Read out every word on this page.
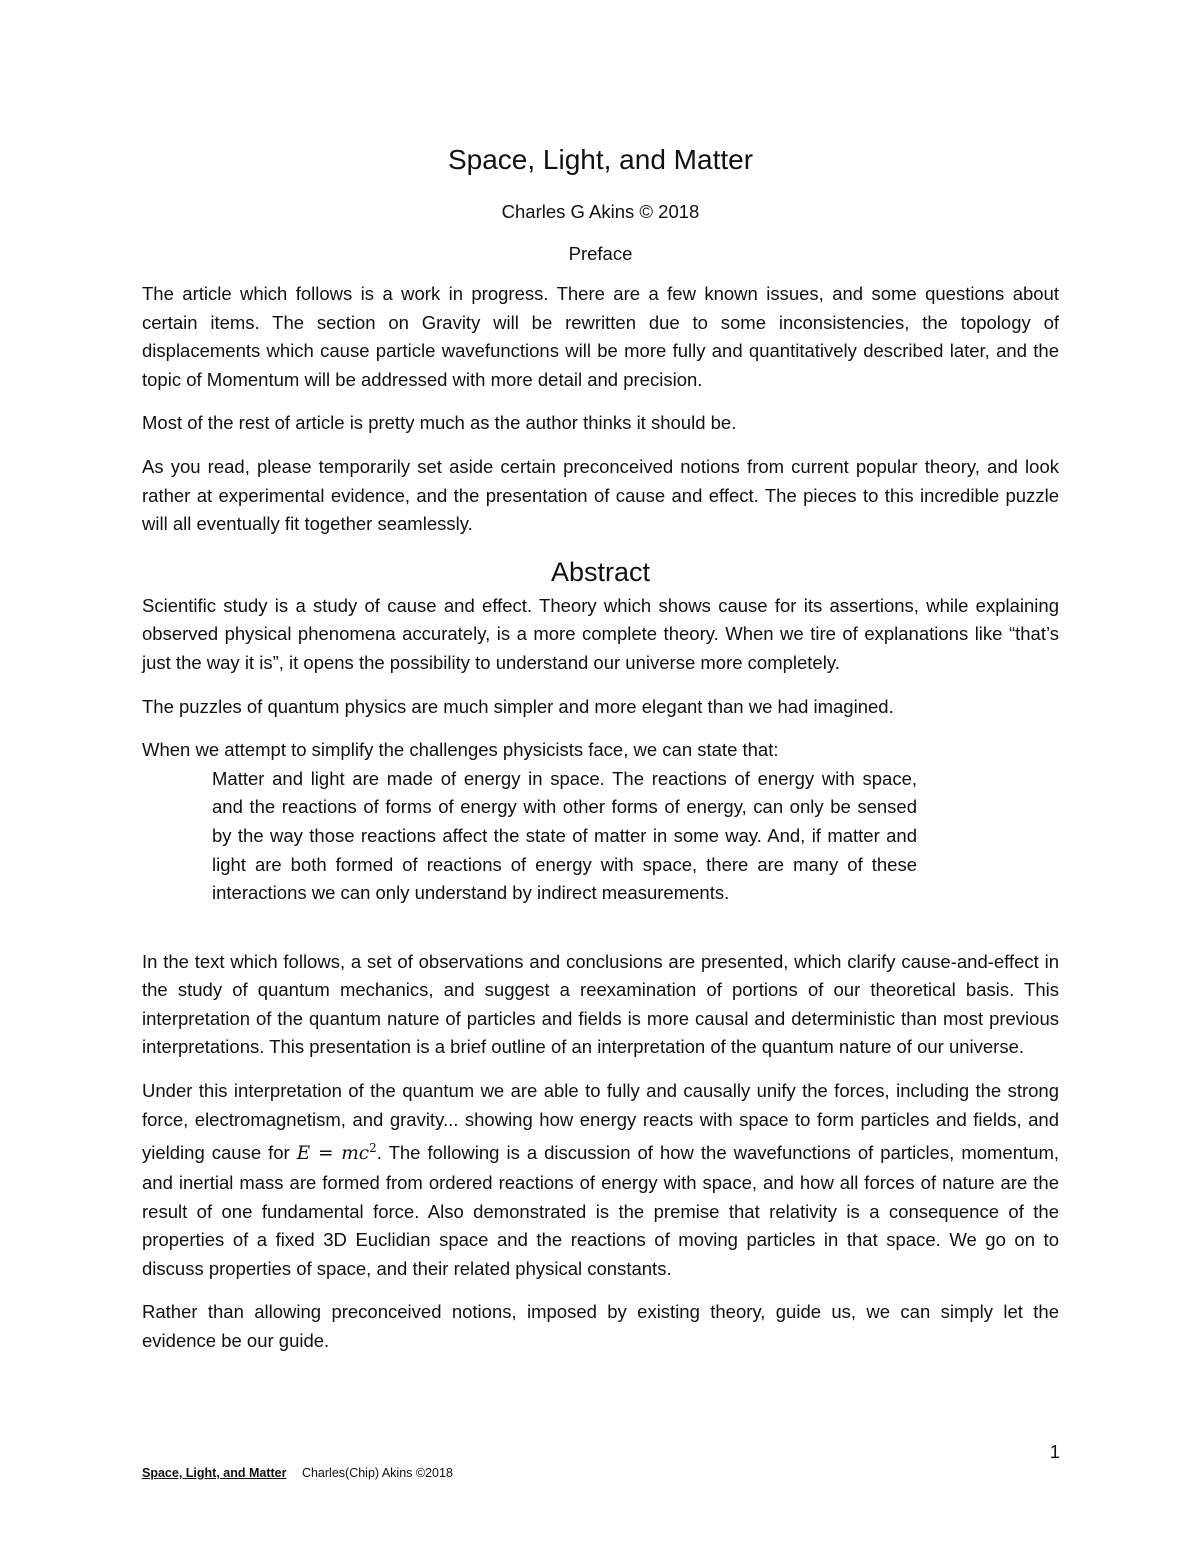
Space, Light, and Matter
Charles G Akins © 2018
Preface

The article which follows is a work in progress. There are a few known issues, and some questions about certain items. The section on Gravity will be rewritten due to some inconsistencies, the topology of displacements which cause particle wavefunctions will be more fully and quantitatively described later, and the topic of Momentum will be addressed with more detail and precision.

Most of the rest of article is pretty much as the author thinks it should be.

As you read, please temporarily set aside certain preconceived notions from current popular theory, and look rather at experimental evidence, and the presentation of cause and effect. The pieces to this incredible puzzle will all eventually fit together seamlessly.

Abstract

Scientific study is a study of cause and effect. Theory which shows cause for its assertions, while explaining observed physical phenomena accurately, is a more complete theory. When we tire of explanations like “that’s just the way it is”, it opens the possibility to understand our universe more completely.

The puzzles of quantum physics are much simpler and more elegant than we had imagined.

When we attempt to simplify the challenges physicists face, we can state that:

Matter and light are made of energy in space. The reactions of energy with space, and the reactions of forms of energy with other forms of energy, can only be sensed by the way those reactions affect the state of matter in some way. And, if matter and light are both formed of reactions of energy with space, there are many of these interactions we can only understand by indirect measurements.

In the text which follows, a set of observations and conclusions are presented, which clarify cause-and-effect in the study of quantum mechanics, and suggest a reexamination of portions of our theoretical basis. This interpretation of the quantum nature of particles and fields is more causal and deterministic than most previous interpretations. This presentation is a brief outline of an interpretation of the quantum nature of our universe.

Under this interpretation of the quantum we are able to fully and causally unify the forces, including the strong force, electromagnetism, and gravity... showing how energy reacts with space to form particles and fields, and yielding cause for $E = mc^2$. The following is a discussion of how the wavefunctions of particles, momentum, and inertial mass are formed from ordered reactions of energy with space, and how all forces of nature are the result of one fundamental force. Also demonstrated is the premise that relativity is a consequence of the properties of a fixed 3D Euclidian space and the reactions of moving particles in that space. We go on to discuss properties of space, and their related physical constants.

Rather than allowing preconceived notions, imposed by existing theory, guide us, we can simply let the evidence be our guide.

1
Space, Light, and Matter Charles(Chip) Akins ©2018
